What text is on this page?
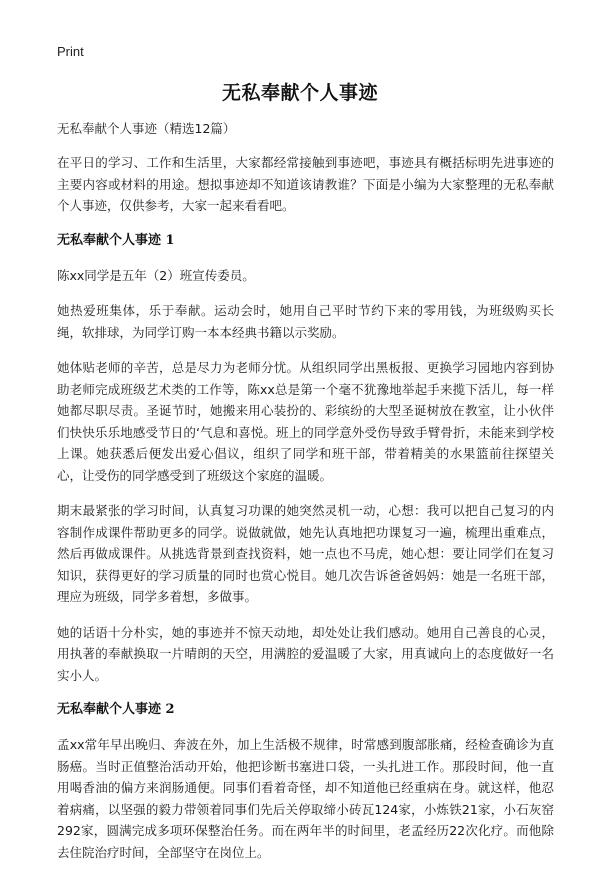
Print
无私奉献个人事迹

无私奉献个人事迹（精选12篇）

在平日的学习、工作和生活里，大家都经常接触到事迹吧，事迹具有概括标明先进事迹的主要内容或材料的用途。想拟事迹却不知道该请教谁？下面是小编为大家整理的无私奉献个人事迹，仅供参考，大家一起来看看吧。

无私奉献个人事迹 1

陈xx同学是五年（2）班宣传委员。

她热爱班集体，乐于奉献。运动会时，她用自己平时节约下来的零用钱，为班级购买长绳，软排球，为同学订购一本本经典书籍以示奖励。

她体贴老师的辛苦，总是尽力为老师分忧。从组织同学出黑板报、更换学习园地内容到协助老师完成班级艺术类的工作等，陈xx总是第一个毫不犹豫地举起手来揽下活儿，每一样她都尽职尽责。圣诞节时，她搬来用心装扮的、彩缤纷的大型圣诞树放在教室，让小伙伴们快快乐乐地感受节日的‘气息和喜悦。班上的同学意外受伤导致手臂骨折，未能来到学校上课。她获悉后便发出爱心倡议，组织了同学和班干部，带着精美的水果篮前往探望关心，让受伤的同学感受到了班级这个家庭的温暖。

期末最紧张的学习时间，认真复习功课的她突然灵机一动，心想：我可以把自己复习的内容制作成课件帮助更多的同学。说做就做，她先认真地把功课复习一遍，梳理出重难点，然后再做成课件。从挑选背景到查找资料，她一点也不马虎，她心想：要让同学们在复习知识，获得更好的学习质量的同时也赏心悦目。她几次告诉爸爸妈妈：她是一名班干部，理应为班级，同学多着想，多做事。

她的话语十分朴实，她的事迹并不惊天动地，却处处让我们感动。她用自己善良的心灵，用执著的奉献换取一片晴朗的天空，用满腔的爱温暖了大家，用真诚向上的态度做好一名实小人。

无私奉献个人事迹 2

孟xx常年早出晚归、奔波在外，加上生活极不规律，时常感到腹部胀痛，经检查确诊为直肠癌。当时正值整治活动开始，他把诊断书塞进口袋，一头扎进工作。那段时间，他一直用喝香油的偏方来润肠通便。同事们看着奇怪，却不知道他已经重病在身。就这样，他忍着病痛，以坚强的毅力带领着同事们先后关停取缔小砖瓦124家，小炼铁21家，小石灰窑292家，圆满完成多项环保整治任务。而在两年半的时间里，老孟经历22次化疗。而他除去住院治疗时间，全部坚守在岗位上。
